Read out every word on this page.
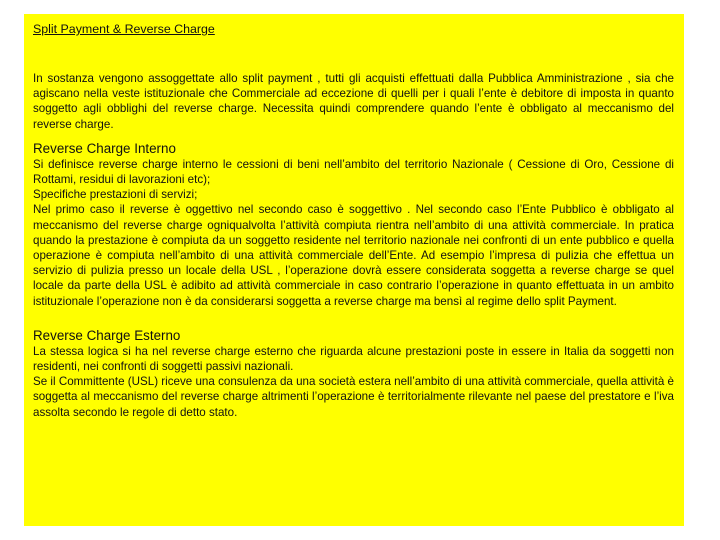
Split Payment & Reverse Charge

In sostanza vengono assoggettate allo split payment , tutti gli acquisti effettuati dalla Pubblica Amministrazione , sia che agiscano nella veste istituzionale che Commerciale ad eccezione di quelli per i quali l’ente è debitore di imposta in quanto soggetto agli obblighi del reverse charge. Necessita quindi comprendere quando l’ente è obbligato al meccanismo del reverse charge.

Reverse Charge Interno

Si definisce reverse charge interno le cessioni di beni nell’ambito del territorio Nazionale ( Cessione di Oro, Cessione di Rottami, residui di lavorazioni etc);

Specifiche prestazioni di servizi;

Nel primo caso il reverse è oggettivo nel secondo caso è soggettivo . Nel secondo caso l’Ente Pubblico è obbligato al meccanismo del reverse charge ogniqualvolta l’attività compiuta rientra nell’ambito di una attività commerciale. In pratica quando la prestazione è compiuta da un soggetto residente nel territorio nazionale nei confronti di un ente pubblico e quella operazione è compiuta nell’ambito di una attività commerciale dell’Ente. Ad esempio l’impresa di pulizia che effettua un servizio di pulizia presso un locale della USL , l’operazione dovrà essere considerata soggetta a reverse charge se quel locale da parte della USL è adibito ad attività commerciale in caso contrario l’operazione in quanto effettuata in un ambito istituzionale l’operazione non è da considerarsi soggetta a reverse charge ma bensì al regime dello split Payment.

Reverse Charge Esterno

La stessa logica si ha nel reverse charge esterno che riguarda alcune prestazioni poste in essere in Italia da soggetti non residenti, nei confronti di soggetti passivi nazionali.

Se il Committente (USL) riceve una consulenza da una società estera nell’ambito di una attività commerciale, quella attività è soggetta al meccanismo del reverse charge altrimenti l’operazione è territorialmente rilevante nel paese del prestatore e l’iva assolta secondo le regole di detto stato.
